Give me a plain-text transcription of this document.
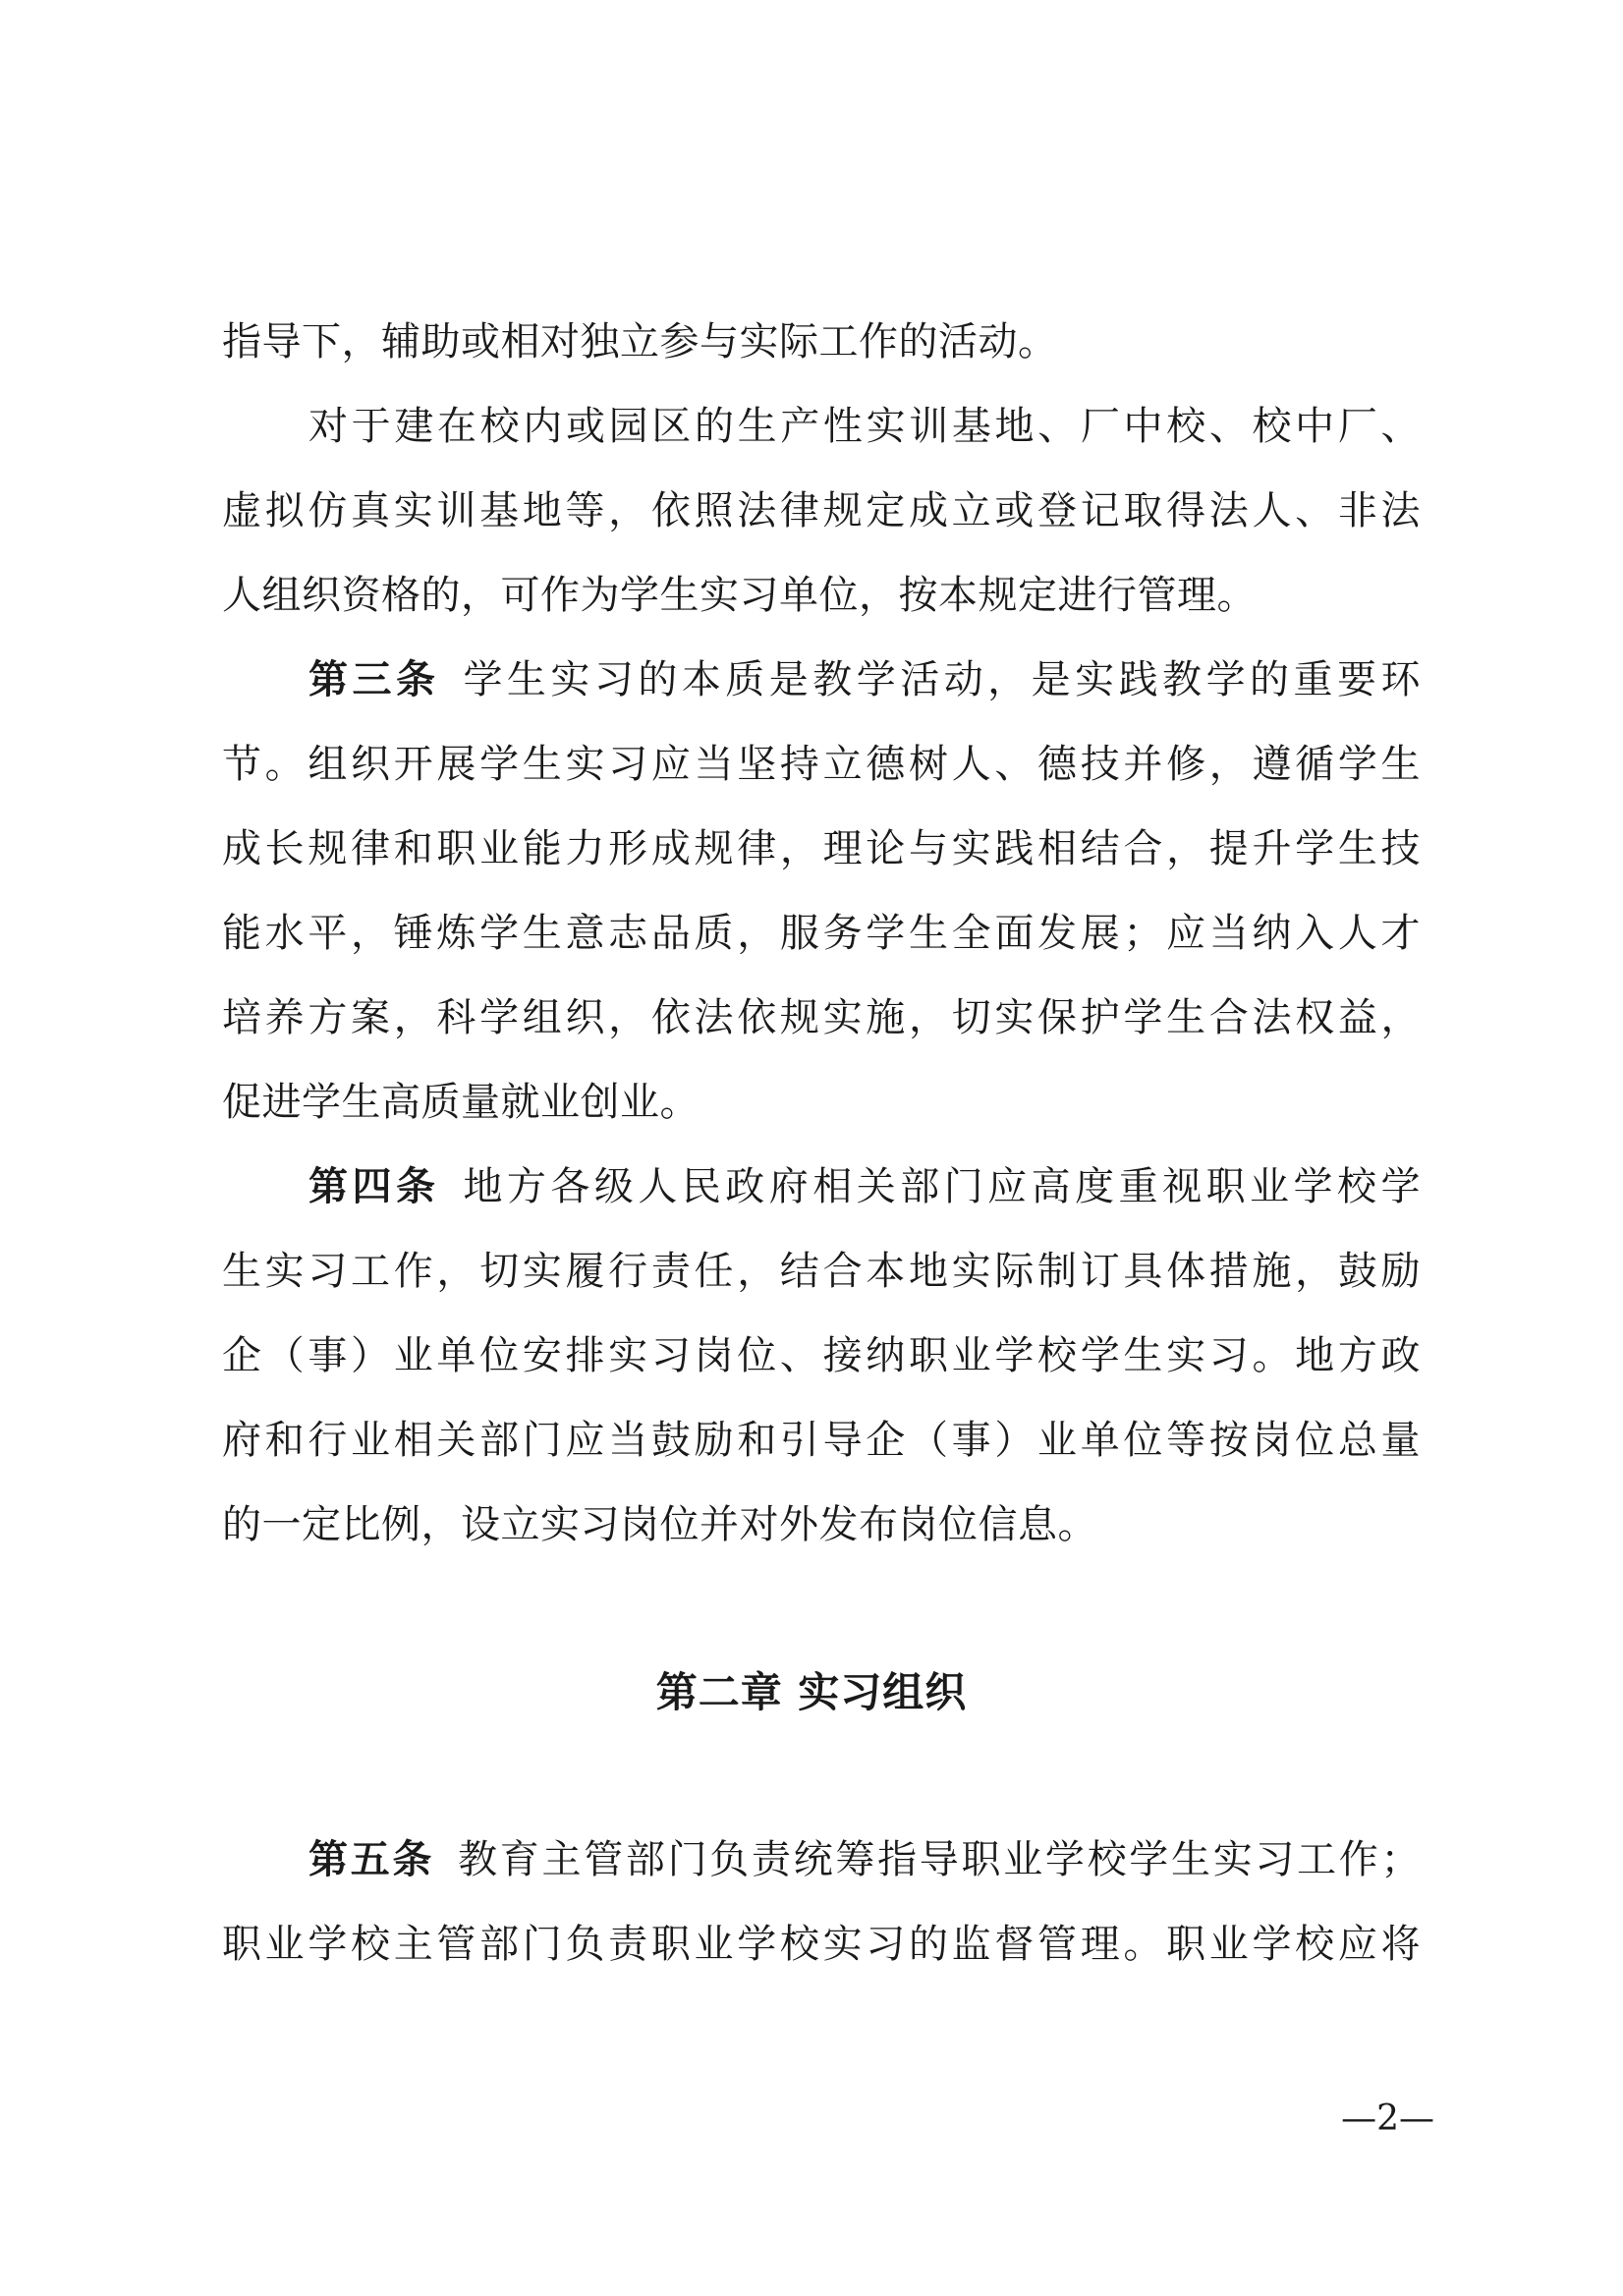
指导下，辅助或相对独立参与实际工作的活动。
对于建在校内或园区的生产性实训基地、厂中校、校中厂、
虚拟仿真实训基地等，依照法律规定成立或登记取得法人、非法
人组织资格的，可作为学生实习单位，按本规定进行管理。
第三条 学生实习的本质是教学活动，是实践教学的重要环
节。组织开展学生实习应当坚持立德树人、德技并修，遵循学生
成长规律和职业能力形成规律，理论与实践相结合，提升学生技
能水平，锤炼学生意志品质，服务学生全面发展；应当纳入人才
培养方案，科学组织，依法依规实施，切实保护学生合法权益，
促进学生高质量就业创业。
第四条 地方各级人民政府相关部门应高度重视职业学校学
生实习工作，切实履行责任，结合本地实际制订具体措施，鼓励
企（事）业单位安排实习岗位、接纳职业学校学生实习。地方政
府和行业相关部门应当鼓励和引导企（事）业单位等按岗位总量
的一定比例，设立实习岗位并对外发布岗位信息。
第二章 实习组织
第五条 教育主管部门负责统筹指导职业学校学生实习工作；
职业学校主管部门负责职业学校实习的监督管理。职业学校应将
—2—
